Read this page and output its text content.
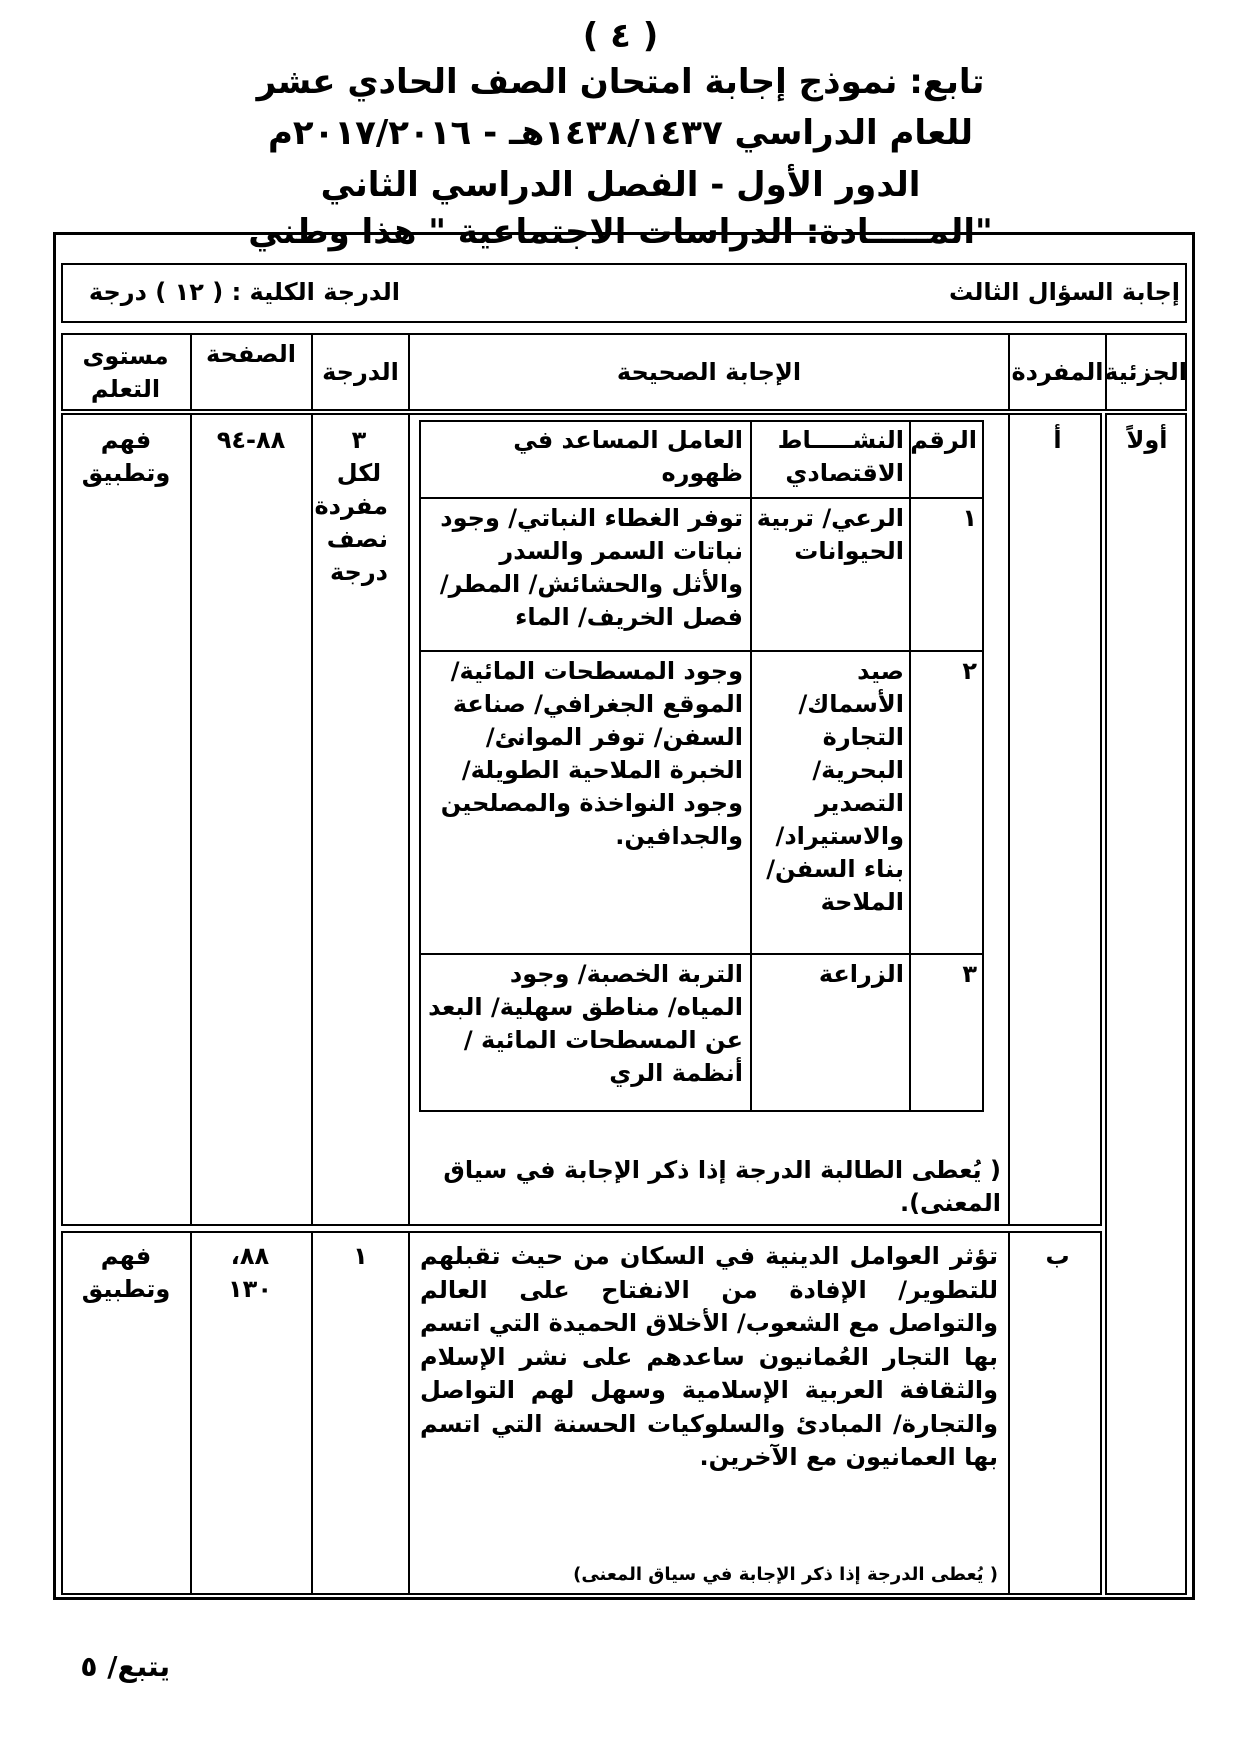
( ٤ )
تابع: نموذج إجابة امتحان الصف الحادي عشر
للعام الدراسي ١٤٣٨/١٤٣٧هـ - ٢٠١٧/٢٠١٦م
الدور الأول - الفصل الدراسي الثاني
المـــــادة: الدراسات الاجتماعية " هذا وطني"
إجابة السؤال الثالث
الدرجة الكلية : ( ١٢ ) درجة
الجزئية
المفردة
الإجابة الصحيحة
الدرجة
الصفحة
مستوى التعلم
أولاً
أ
٣ لكل مفردة نصف درجة
٨٨-٩٤
فهم وتطبيق
الرقم
النشـــــاط الاقتصادي
العامل المساعد في ظهوره
١
الرعي/ تربية الحيوانات
توفر الغطاء النباتي/ وجود نباتات السمر والسدر والأثل والحشائش/ المطر/ فصل الخريف/ الماء
٢
صيد الأسماك/ التجارة البحرية/ التصدير والاستيراد/ بناء السفن/ الملاحة
وجود المسطحات المائية/ الموقع الجغرافي/ صناعة السفن/ توفر الموانئ/ الخبرة الملاحية الطويلة/ وجود النواخذة والمصلحين والجدافين.
٣
الزراعة
التربة الخصبة/ وجود المياه/ مناطق سهلية/ البعد عن المسطحات المائية / أنظمة الري
( يُعطى الطالبة الدرجة إذا ذكر الإجابة في سياق المعنى).
ب
١
٨٨، ١٣٠
فهم وتطبيق
تؤثر العوامل الدينية في السكان من حيث تقبلهم للتطوير/ الإفادة من الانفتاح على العالم والتواصل مع الشعوب/ الأخلاق الحميدة التي اتسم بها التجار العُمانيون ساعدهم على نشر الإسلام والثقافة العربية الإسلامية وسهل لهم التواصل والتجارة/ المبادئ والسلوكيات الحسنة التي اتسم بها العمانيون مع الآخرين.
( يُعطى الدرجة إذا ذكر الإجابة في سياق المعنى)
يتبع/ ٥
